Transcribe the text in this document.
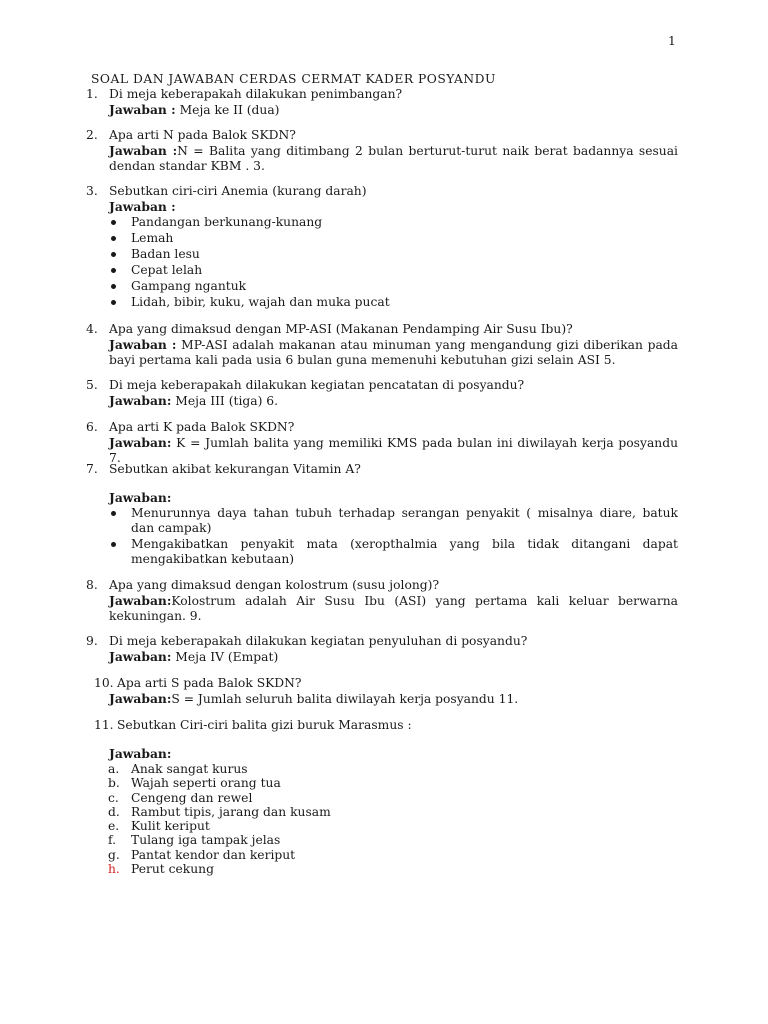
1
SOAL DAN JAWABAN CERDAS CERMAT KADER POSYANDU
1. Di meja keberapakah dilakukan penimbangan?
Jawaban : Meja ke II (dua)
2. Apa arti N pada Balok SKDN?
Jawaban :N = Balita yang ditimbang 2 bulan berturut-turut naik berat badannya sesuai dendan standar KBM . 3.
3. Sebutkan ciri-ciri Anemia (kurang darah)
Jawaban :
Pandangan berkunang-kunang
Lemah
Badan lesu
Cepat lelah
Gampang ngantuk
Lidah, bibir, kuku, wajah dan muka pucat
4. Apa yang dimaksud dengan MP-ASI (Makanan Pendamping Air Susu Ibu)?
Jawaban : MP-ASI adalah makanan atau minuman yang mengandung gizi diberikan pada bayi pertama kali pada usia 6 bulan guna memenuhi kebutuhan gizi selain ASI 5.
5. Di meja keberapakah dilakukan kegiatan pencatatan di posyandu?
Jawaban: Meja III (tiga) 6.
6. Apa arti K pada Balok SKDN?
Jawaban: K = Jumlah balita yang memiliki KMS pada bulan ini diwilayah kerja posyandu 7.
7. Sebutkan akibat kekurangan Vitamin A?
Jawaban:
Menurunnya daya tahan tubuh terhadap serangan penyakit ( misalnya diare, batuk dan campak)
Mengakibatkan penyakit mata (xeropthalmia yang bila tidak ditangani dapat mengakibatkan kebutaan)
8. Apa yang dimaksud dengan kolostrum (susu jolong)?
Jawaban:Kolostrum adalah Air Susu Ibu (ASI) yang pertama kali keluar berwarna kekuningan. 9.
9. Di meja keberapakah dilakukan kegiatan penyuluhan di posyandu?
Jawaban: Meja IV (Empat)
10. Apa arti S pada Balok SKDN?
Jawaban:S = Jumlah seluruh balita diwilayah kerja posyandu 11.
11. Sebutkan Ciri-ciri balita gizi buruk Marasmus :
Jawaban:
a. Anak sangat kurus
b. Wajah seperti orang tua
c. Cengeng dan rewel
d. Rambut tipis, jarang dan kusam
e. Kulit keriput
f.	Tulang iga tampak jelas
g. Pantat kendor dan keriput
h. Perut cekung
